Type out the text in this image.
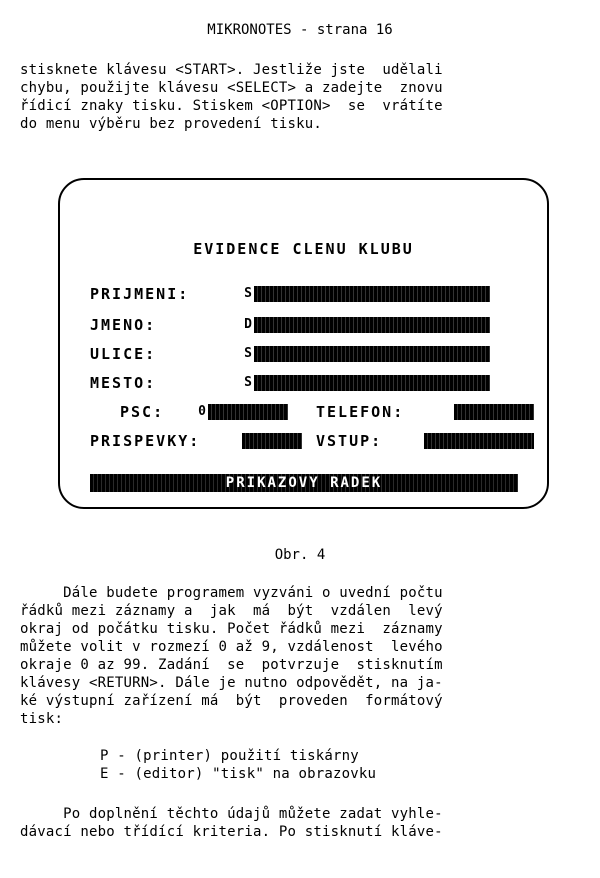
MIKRONOTES - strana 16
stisknete klávesu <START>. Jestliže jste  udělali
chybu, použijte klávesu <SELECT> a zadejte  znovu
řídicí znaky tisku. Stiskem <OPTION>  se  vrátíte
do menu výběru bez provedení tisku.
EVIDENCE CLENU KLUBU
PRIJMENI:	S
JMENO:	D
ULICE:	S
MESTO:	S
PSC:	0	TELEFON:
PRISPEVKY:	VSTUP:
PRIKAZOVY RADEK
Obr. 4
Dále budete programem vyzváni o uvední počtu
řádků mezi záznamy a  jak  má  být  vzdálen  levý
okraj od počátku tisku. Počet řádků mezi  záznamy
můžete volit v rozmezí 0 až 9, vzdálenost  levého
okraje 0 az 99. Zadání  se  potvrzuje  stisknutím
klávesy <RETURN>. Dále je nutno odpovědět, na ja-
ké výstupní zařízení má  být  proveden  formátový
tisk:
P - (printer) použití tiskárny
E - (editor) "tisk" na obrazovku
Po doplnění těchto údajů můžete zadat vyhle-
dávací nebo třídící kriteria. Po stisknutí kláve-
